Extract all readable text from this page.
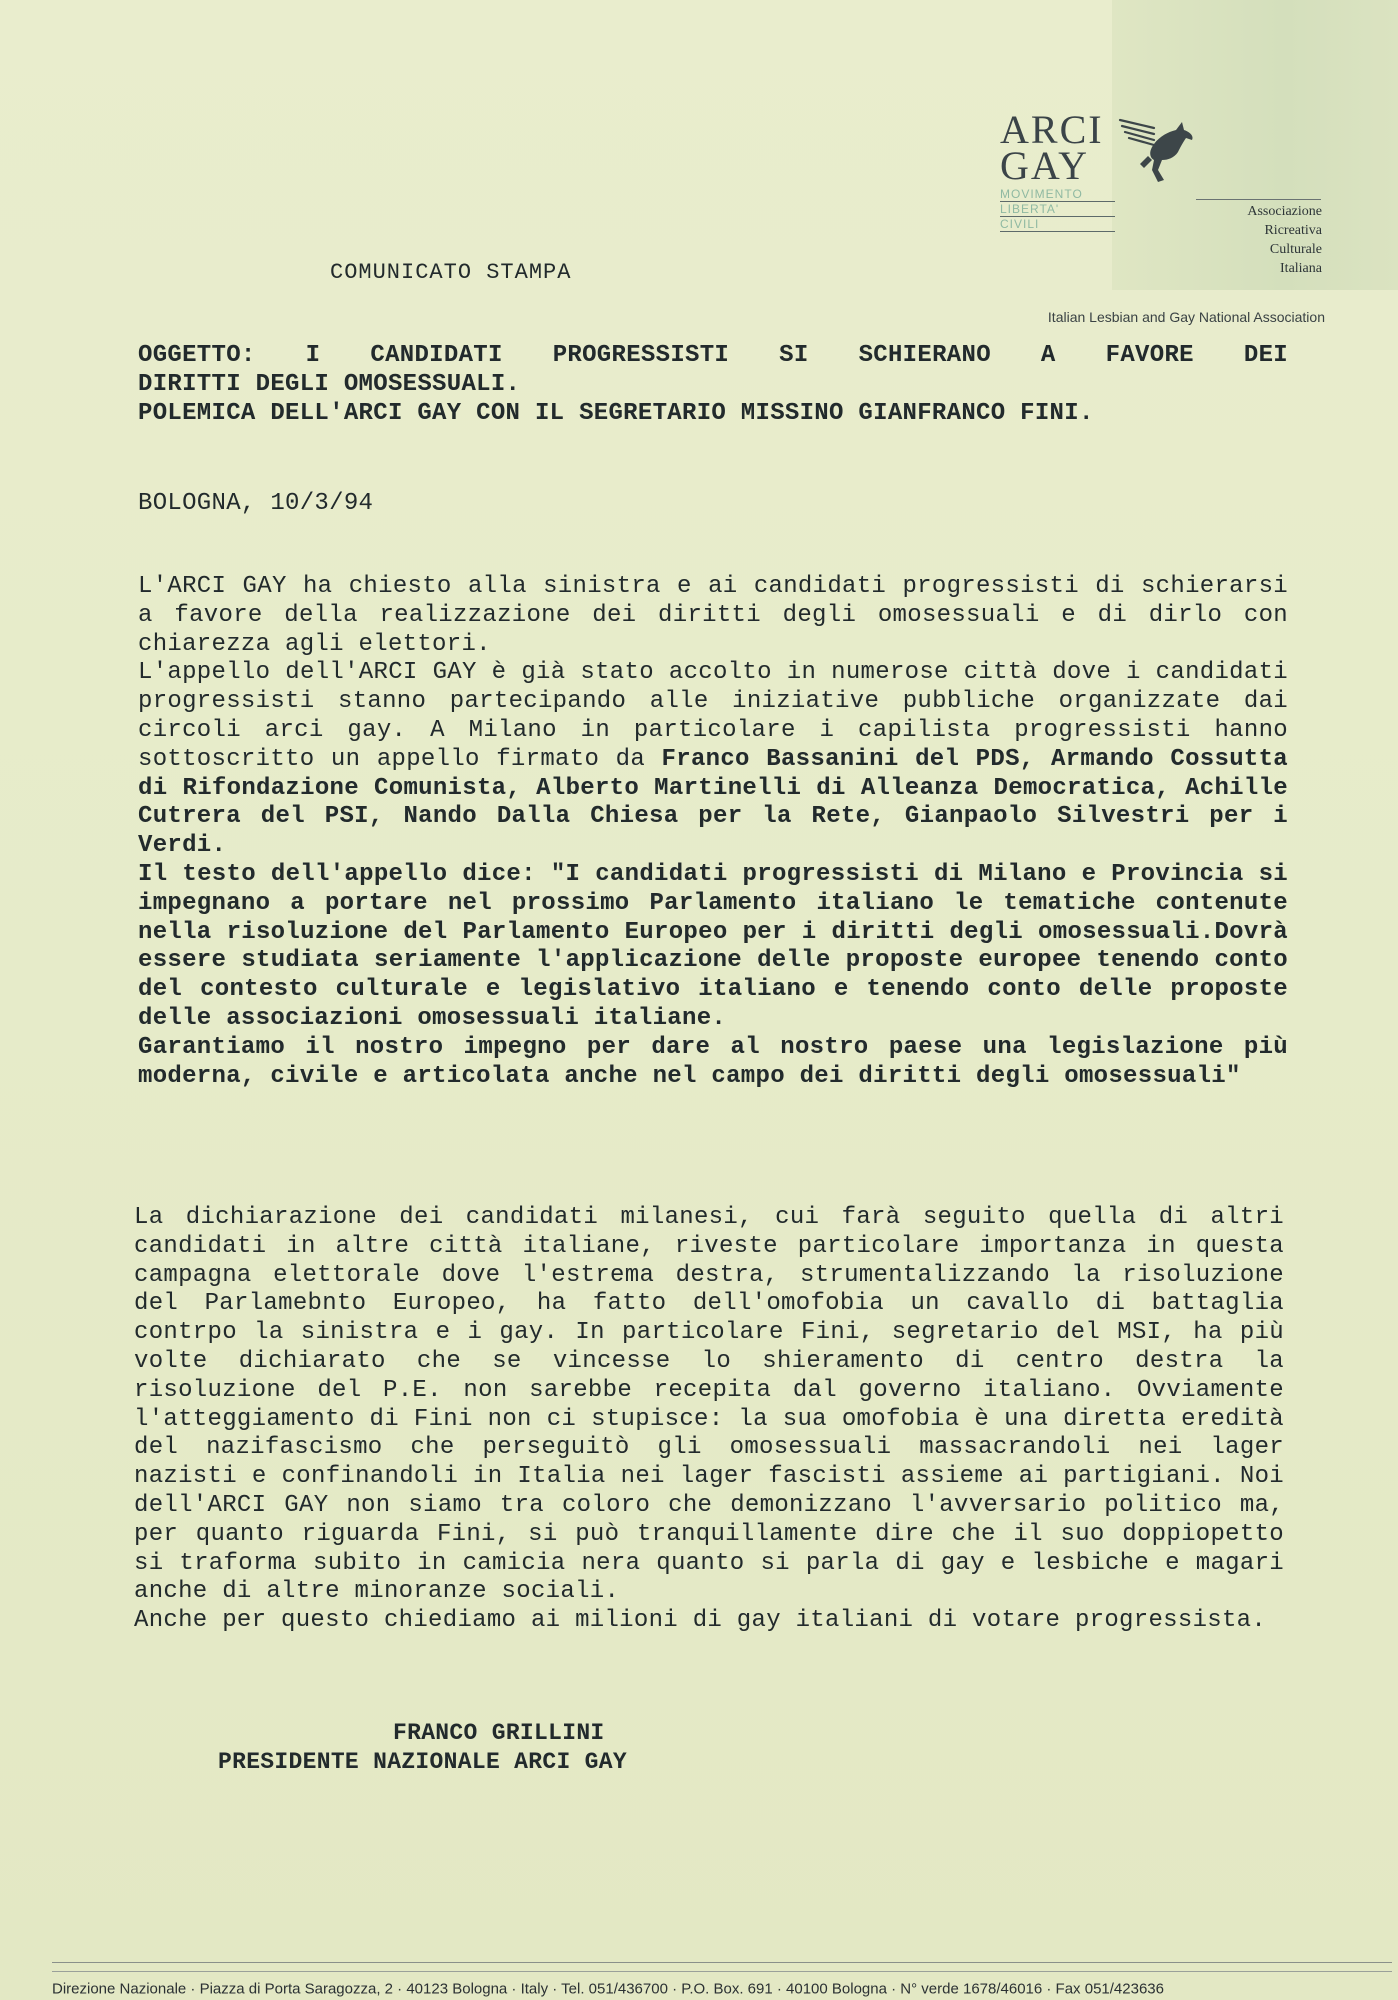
ARCI
GAY
MOVIMENTO
LIBERTA'
CIVILI
Associazione
Ricreativa
Culturale
Italiana
Italian Lesbian and Gay National Association
COMUNICATO STAMPA

OGGETTO: I CANDIDATI PROGRESSISTI SI SCHIERANO A FAVORE DEI

DIRITTI DEGLI OMOSESSUALI.

POLEMICA DELL'ARCI GAY CON IL SEGRETARIO MISSINO GIANFRANCO FINI.

BOLOGNA, 10/3/94

L'ARCI GAY ha chiesto alla sinistra e ai candidati progressisti di schierarsi a favore della realizzazione dei diritti degli omosessuali e di dirlo con chiarezza agli elettori.

L'appello dell'ARCI GAY è già stato accolto in numerose città dove i candidati progressisti stanno partecipando alle iniziative pubbliche organizzate dai circoli arci gay. A Milano in particolare i capilista progressisti hanno sottoscritto un appello firmato da Franco Bassanini del PDS, Armando Cossutta di Rifondazione Comunista, Alberto Martinelli di Alleanza Democratica, Achille Cutrera del PSI, Nando Dalla Chiesa per la Rete, Gianpaolo Silvestri per i Verdi.

Il testo dell'appello dice: "I candidati progressisti di Milano e Provincia si impegnano a portare nel prossimo Parlamento italiano le tematiche contenute nella risoluzione del Parlamento Europeo per i diritti degli omosessuali.Dovrà essere studiata seriamente l'applicazione delle proposte europee tenendo conto del contesto culturale e legislativo italiano e tenendo conto delle proposte delle associazioni omosessuali italiane.

Garantiamo il nostro impegno per dare al nostro paese una legislazione più moderna, civile e articolata anche nel campo dei diritti degli omosessuali"

La dichiarazione dei candidati milanesi, cui farà seguito quella di altri candidati in altre città italiane, riveste particolare importanza in questa campagna elettorale dove l'estrema destra, strumentalizzando la risoluzione del Parlamebnto Europeo, ha fatto dell'omofobia un cavallo di battaglia contrpo la sinistra e i gay. In particolare Fini, segretario del MSI, ha più volte dichiarato che se vincesse lo shieramento di centro destra la risoluzione del P.E. non sarebbe recepita dal governo italiano. Ovviamente l'atteggiamento di Fini non ci stupisce: la sua omofobia è una diretta eredità del nazifascismo che perseguitò gli omosessuali massacrandoli nei lager nazisti e confinandoli in Italia nei lager fascisti assieme ai partigiani. Noi dell'ARCI GAY non siamo tra coloro che demonizzano l'avversario politico ma, per quanto riguarda Fini, si può tranquillamente dire che il suo doppiopetto si traforma subito in camicia nera quanto si parla di gay e lesbiche e magari anche di altre minoranze sociali.

Anche per questo chiediamo ai milioni di gay italiani di votare progressista.

FRANCO GRILLINI
PRESIDENTE NAZIONALE ARCI GAY
Direzione Nazionale · Piazza di Porta Saragozza, 2 · 40123 Bologna · Italy · Tel. 051/436700 · P.O. Box. 691 · 40100 Bologna · N° verde 1678/46016 · Fax 051/423636
